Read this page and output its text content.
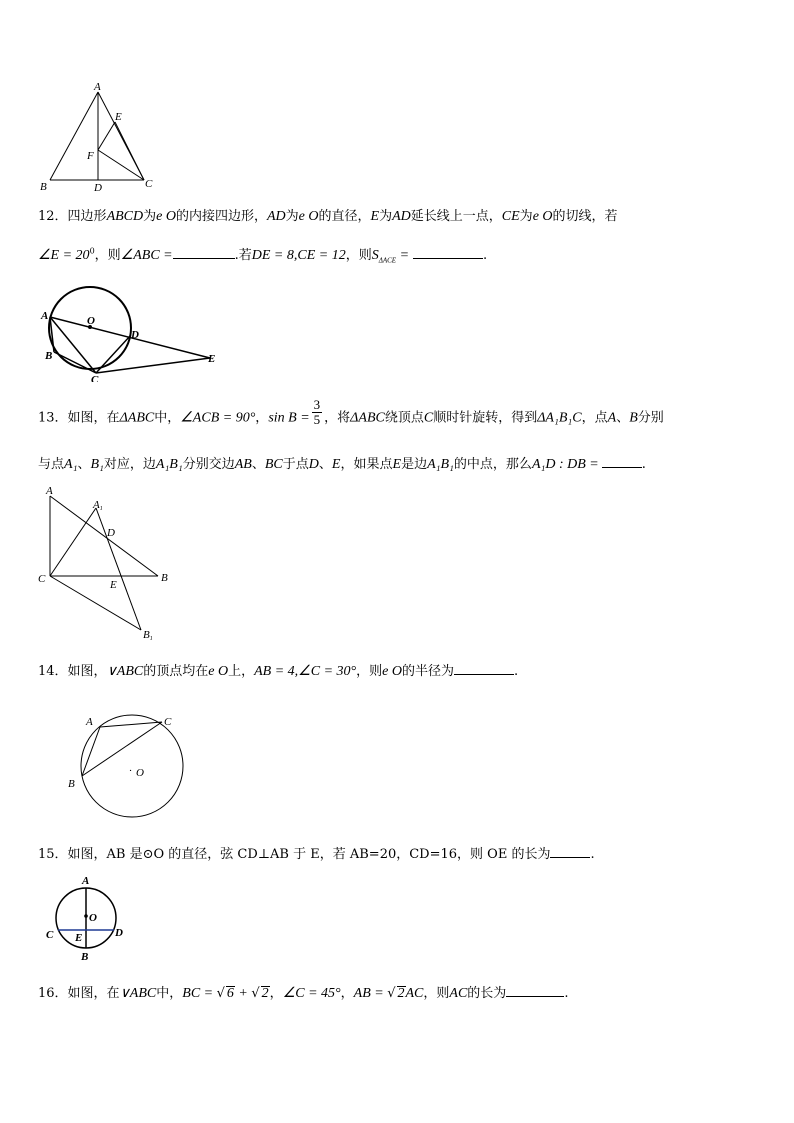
A
B	C
D
E
F
12．四边形ABCD为e O的内接四边形，AD为e O的直径，E为AD延长线上一点，CE为e O的切线，若
∠E = $20^0$，则∠ABC =	.若DE = 8,CE = 12，则$S_{\Delta ACE}$ =	.
A	O
D
B
C
E
13．如图，在ΔABC中，∠ACB = 90°，$\sin B = \frac{3}{5}$ ，将ΔABC绕顶点C顺时针旋转，得到ΔA₁B₁C，点A、B分别
与点A₁、B₁对应，边A₁B₁分别交边AB、BC于点D、E，如果点E是边A₁B₁的中点，那么A₁D : DB =	.
A
A1
D
C	E
B
B1
14．如图，∨ABC的顶点均在e O上，AB = 4,∠C = 30°，则e O的半径为	.
A	C
B
· O
15．如图，AB 是⊙O 的直径，弦 CD⊥AB 于 E，若 AB=20，CD=16，则 OE 的长为	.
A
O
C E	D
B
16．如图，在∨ABC中，BC = √ 6 + √ 2，∠C = 45°，AB = √ 2AC，则AC的长为	.
